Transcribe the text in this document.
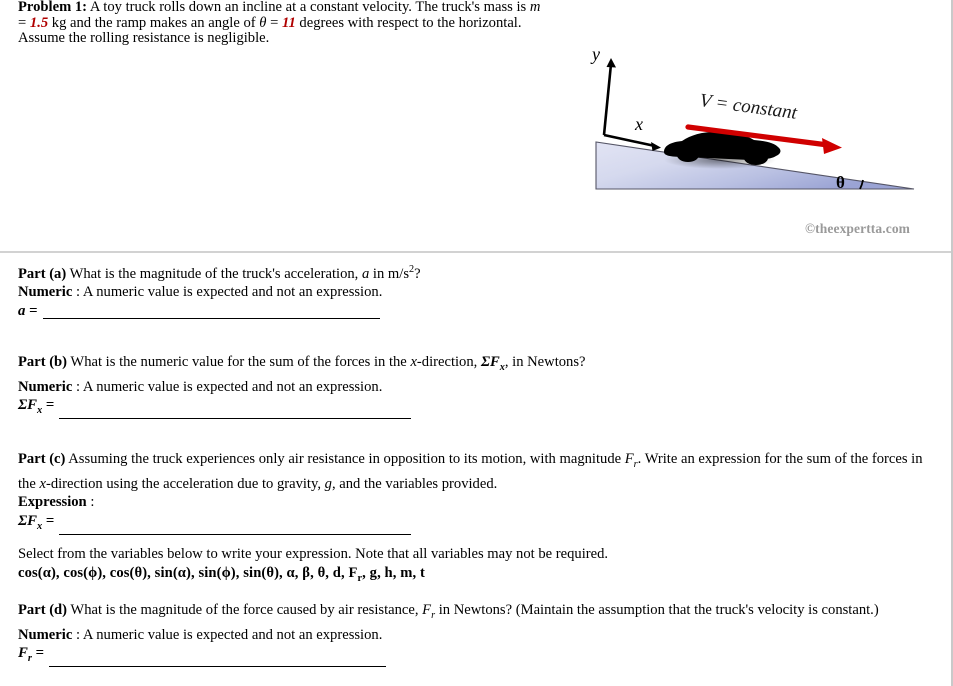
Problem 1: A toy truck rolls down an incline at a constant velocity. The truck's mass is m = 1.5 kg and the ramp makes an angle of θ = 11 degrees with respect to the horizontal. Assume the rolling resistance is negligible.
y
x
V = constant
θ
©theexpertta.com
Part (a) What is the magnitude of the truck's acceleration, a in $m/s^2$?
Numeric : A numeric value is expected and not an expression.
a =
Part (b) What is the numeric value for the sum of the forces in the x-direction, $\Sigma F_x$, in Newtons?
Numeric : A numeric value is expected and not an expression.
$\Sigma F_x$ =
Part (c) Assuming the truck experiences only air resistance in opposition to its motion, with magnitude $F_r$. Write an expression for the sum of the forces in the x-direction using the acceleration due to gravity, g, and the variables provided.
Expression :
$\Sigma F_x$ =
Select from the variables below to write your expression. Note that all variables may not be required.
cos(α), cos(ϕ), cos(θ), sin(α), sin(ϕ), sin(θ), α, β, θ, d, $F_r$, g, h, m, t
Part (d) What is the magnitude of the force caused by air resistance, $F_r$ in Newtons? (Maintain the assumption that the truck's velocity is constant.)
Numeric : A numeric value is expected and not an expression.
$F_r$ =
